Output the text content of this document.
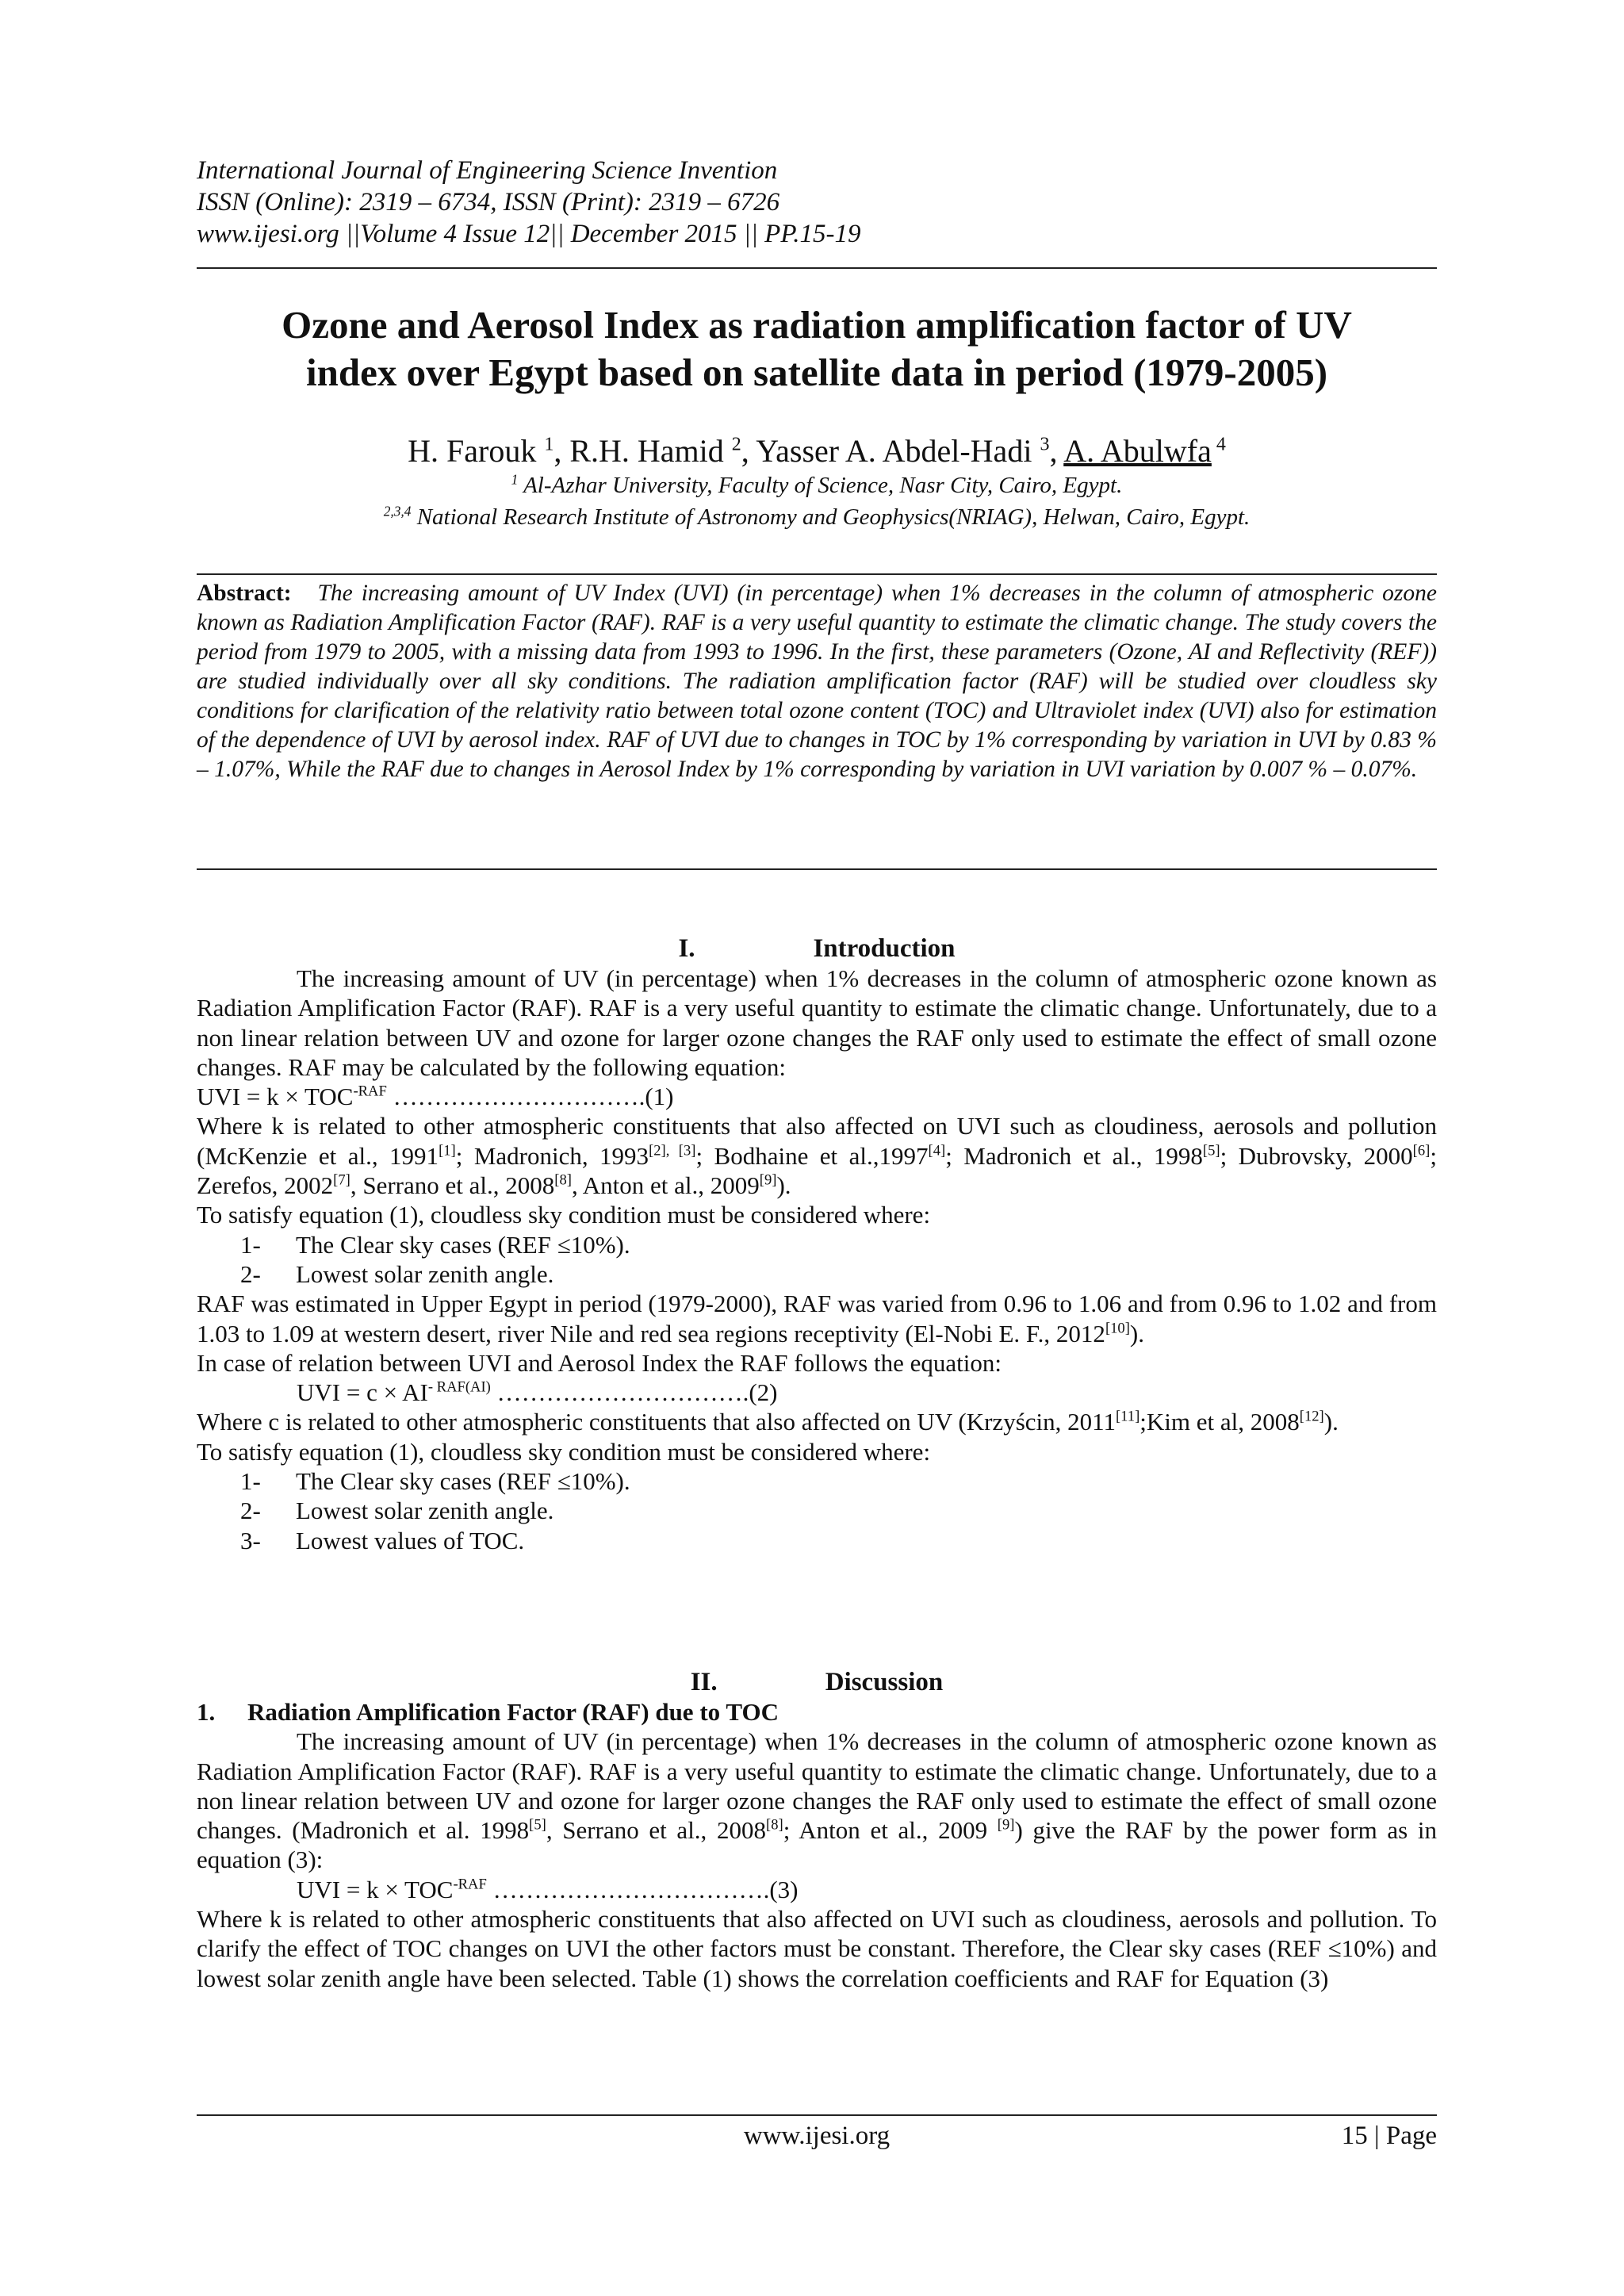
International Journal of Engineering Science Invention
ISSN (Online): 2319 – 6734, ISSN (Print): 2319 – 6726
www.ijesi.org ||Volume 4 Issue 12|| December 2015 || PP.15-19
Ozone and Aerosol Index as radiation amplification factor of UV
index over Egypt based on satellite data in period (1979-2005)
H. Farouk $^1$, R.H. Hamid $^2$, Yasser A. Abdel-Hadi $^3$, A. Abulwfa $^4$
$^1$ Al-Azhar University, Faculty of Science, Nasr City, Cairo, Egypt.
$^{2,3,4}$ National Research Institute of Astronomy and Geophysics(NRIAG), Helwan, Cairo, Egypt.
Abstract: The increasing amount of UV Index (UVI) (in percentage) when 1% decreases in the column of atmospheric ozone known as Radiation Amplification Factor (RAF). RAF is a very useful quantity to estimate the climatic change. The study covers the period from 1979 to 2005, with a missing data from 1993 to 1996. In the first, these parameters (Ozone, AI and Reflectivity (REF)) are studied individually over all sky conditions. The radiation amplification factor (RAF) will be studied over cloudless sky conditions for clarification of the relativity ratio between total ozone content (TOC) and Ultraviolet index (UVI) also for estimation of the dependence of UVI by aerosol index. RAF of UVI due to changes in TOC by 1% corresponding by variation in UVI by 0.83 % – 1.07%, While the RAF due to changes in Aerosol Index by 1% corresponding by variation in UVI variation by 0.007 % – 0.07%.
I.	Introduction

The increasing amount of UV (in percentage) when 1% decreases in the column of atmospheric ozone known as Radiation Amplification Factor (RAF). RAF is a very useful quantity to estimate the climatic change. Unfortunately, due to a non linear relation between UV and ozone for larger ozone changes the RAF only used to estimate the effect of small ozone changes. RAF may be calculated by the following equation:

UVI = $k \times TOC^{-RAF}$ ………………………….(1)

Where k is related to other atmospheric constituents that also affected on UVI such as cloudiness, aerosols and pollution (McKenzie et al., 1991[1]; Madronich, 1993[2], [3]; Bodhaine et al.,1997[4]; Madronich et al., 1998[5]; Dubrovsky, 2000[6]; Zerefos, 2002[7], Serrano et al., 2008[8], Anton et al., 2009[9]).

To satisfy equation (1), cloudless sky condition must be considered where:

1- The Clear sky cases (REF ≤10%).
2- Lowest solar zenith angle.

RAF was estimated in Upper Egypt in period (1979-2000), RAF was varied from 0.96 to 1.06 and from 0.96 to 1.02 and from 1.03 to 1.09 at western desert, river Nile and red sea regions receptivity (El-Nobi E. F., 2012[10]).

In case of relation between UVI and Aerosol Index the RAF follows the equation:

UVI = $c \times AI^{- RAF(AI)}$ ………………………….(2)

Where c is related to other atmospheric constituents that also affected on UV (Krzyścin, 2011[11];Kim et al, 2008[12]).

To satisfy equation (1), cloudless sky condition must be considered where:

1- The Clear sky cases (REF ≤10%).
2- Lowest solar zenith angle.
3- Lowest values of TOC.
II.	Discussion
1. Radiation Amplification Factor (RAF) due to TOC

The increasing amount of UV (in percentage) when 1% decreases in the column of atmospheric ozone known as Radiation Amplification Factor (RAF). RAF is a very useful quantity to estimate the climatic change. Unfortunately, due to a non linear relation between UV and ozone for larger ozone changes the RAF only used to estimate the effect of small ozone changes. (Madronich et al. 1998[5], Serrano et al., 2008[8]; Anton et al., 2009 [9]) give the RAF by the power form as in equation (3):

UVI = $k \times TOC^{-RAF}$ …………………………….(3)

Where k is related to other atmospheric constituents that also affected on UVI such as cloudiness, aerosols and pollution. To clarify the effect of TOC changes on UVI the other factors must be constant. Therefore, the Clear sky cases (REF ≤10%) and lowest solar zenith angle have been selected. Table (1) shows the correlation coefficients and RAF for Equation (3)

www.ijesi.org	15 | Page
